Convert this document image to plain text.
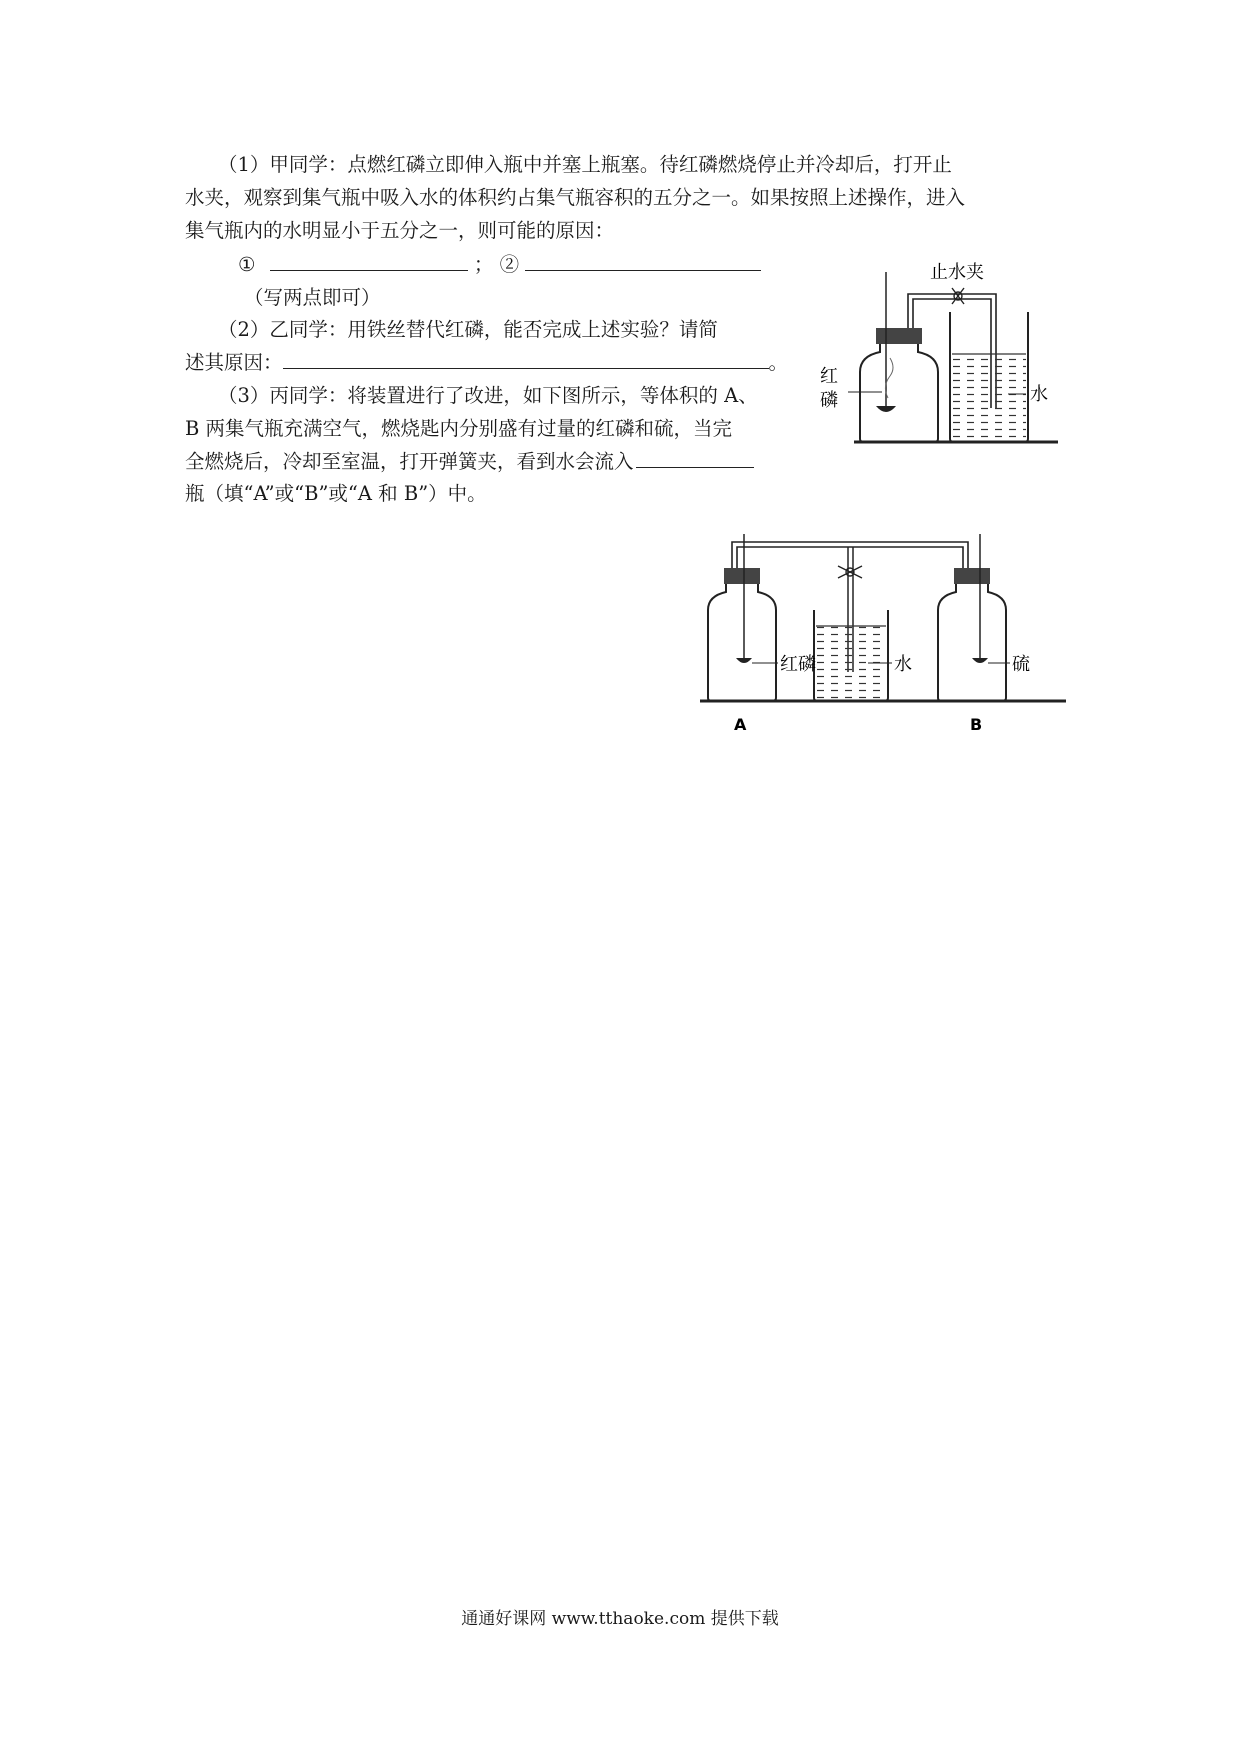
（1）甲同学：点燃红磷立即伸入瓶中并塞上瓶塞。待红磷燃烧停止并冷却后，打开止
水夹，观察到集气瓶中吸入水的体积约占集气瓶容积的五分之一。如果按照上述操作，进入
集气瓶内的水明显小于五分之一，则可能的原因：
①	； ②
（写两点即可）
（2）乙同学：用铁丝替代红磷，能否完成上述实验？请简
述其原因：	。
（3）丙同学：将装置进行了改进，如下图所示，等体积的 A、
B 两集气瓶充满空气，燃烧匙内分别盛有过量的红磷和硫，当完
全燃烧后，冷却至室温，打开弹簧夹，看到水会流入
瓶（填“A”或“B”或“A 和 B”）中。
止水夹
红
磷	水
红磷	水	硫
A	B
通通好课网 www.tthaoke.com 提供下载
